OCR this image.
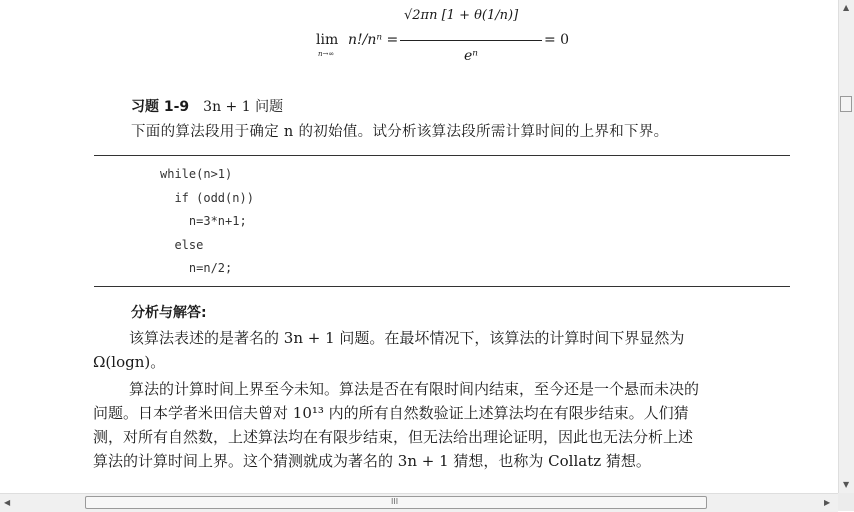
lim
n→∞
n!/nⁿ =
√2πn [1 + θ(1/n)]
eⁿ
= 0
习题 1-9 3n + 1 问题
下面的算法段用于确定 n 的初始值。试分析该算法段所需计算时间的上界和下界。
while(n>1)
if (odd(n))
n=3*n+1;
else
n=n/2;
分析与解答:
该算法表述的是著名的 3n + 1 问题。在最坏情况下，该算法的计算时间下界显然为
Ω(logn)。
算法的计算时间上界至今未知。算法是否在有限时间内结束，至今还是一个悬而未决的
问题。日本学者米田信夫曾对 10¹³ 内的所有自然数验证上述算法均在有限步结束。人们猜
测，对所有自然数，上述算法均在有限步结束，但无法给出理论证明，因此也无法分析上述
算法的计算时间上界。这个猜测就成为著名的 3n + 1 猜想，也称为 Collatz 猜想。
▲
▼
◀	III	▶
